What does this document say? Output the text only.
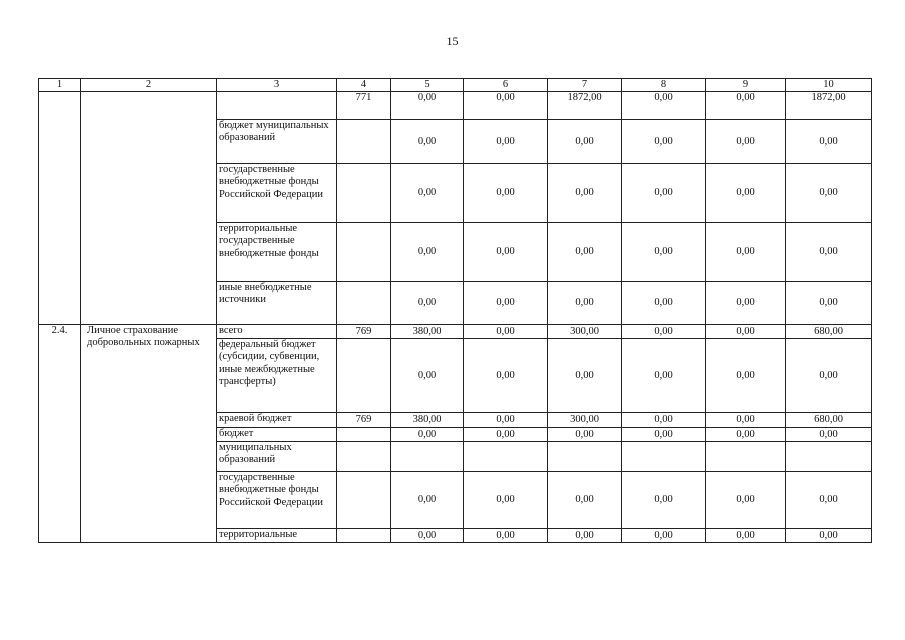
15
1	2	3	4	5	6	7	8	9	10
			771	0,00	0,00	1872,00	0,00	0,00	1872,00
		бюджет муниципальных образований		0,00	0,00	0,00	0,00	0,00	0,00
		государственные внебюджетные фонды Российской Федерации		0,00	0,00	0,00	0,00	0,00	0,00
		территориальные государственные внебюджетные фонды		0,00	0,00	0,00	0,00	0,00	0,00
		иные внебюджетные источники		0,00	0,00	0,00	0,00	0,00	0,00
2.4.	Личное страхование добровольных пожарных	всего	769	380,00	0,00	300,00	0,00	0,00	680,00
		федеральный бюджет (субсидии, субвенции, иные межбюджетные трансферты)		0,00	0,00	0,00	0,00	0,00	0,00
		краевой бюджет	769	380,00	0,00	300,00	0,00	0,00	680,00
		бюджет		0,00	0,00	0,00	0,00	0,00	0,00
		муниципальных образований							
		государственные внебюджетные фонды Российской Федерации		0,00	0,00	0,00	0,00	0,00	0,00
		территориальные		0,00	0,00	0,00	0,00	0,00	0,00
